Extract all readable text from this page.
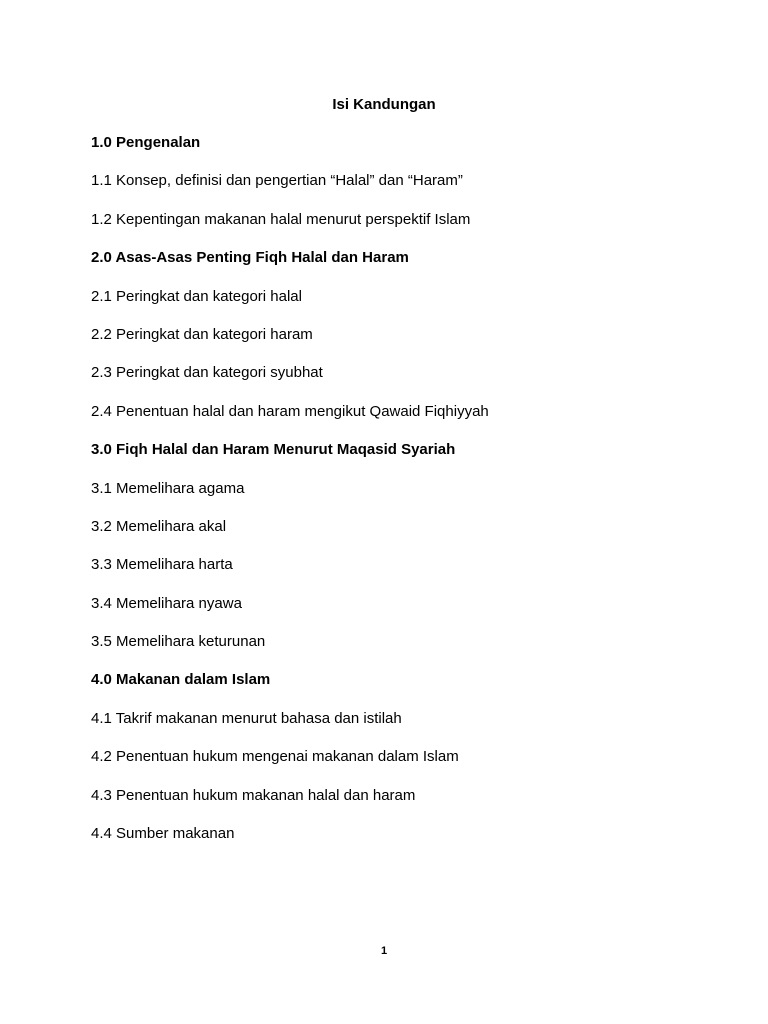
Isi Kandungan
1.0 Pengenalan
1.1 Konsep, definisi dan pengertian “Halal” dan “Haram”
1.2 Kepentingan makanan halal menurut perspektif Islam
2.0 Asas-Asas Penting Fiqh Halal dan Haram
2.1 Peringkat dan kategori halal
2.2 Peringkat dan kategori haram
2.3 Peringkat dan kategori syubhat
2.4 Penentuan halal dan haram mengikut Qawaid Fiqhiyyah
3.0 Fiqh Halal dan Haram Menurut Maqasid Syariah
3.1 Memelihara agama
3.2 Memelihara akal
3.3 Memelihara harta
3.4 Memelihara nyawa
3.5 Memelihara keturunan
4.0 Makanan dalam Islam
4.1 Takrif makanan menurut bahasa dan istilah
4.2 Penentuan hukum mengenai makanan dalam Islam
4.3 Penentuan hukum makanan halal dan haram
4.4 Sumber makanan
1
